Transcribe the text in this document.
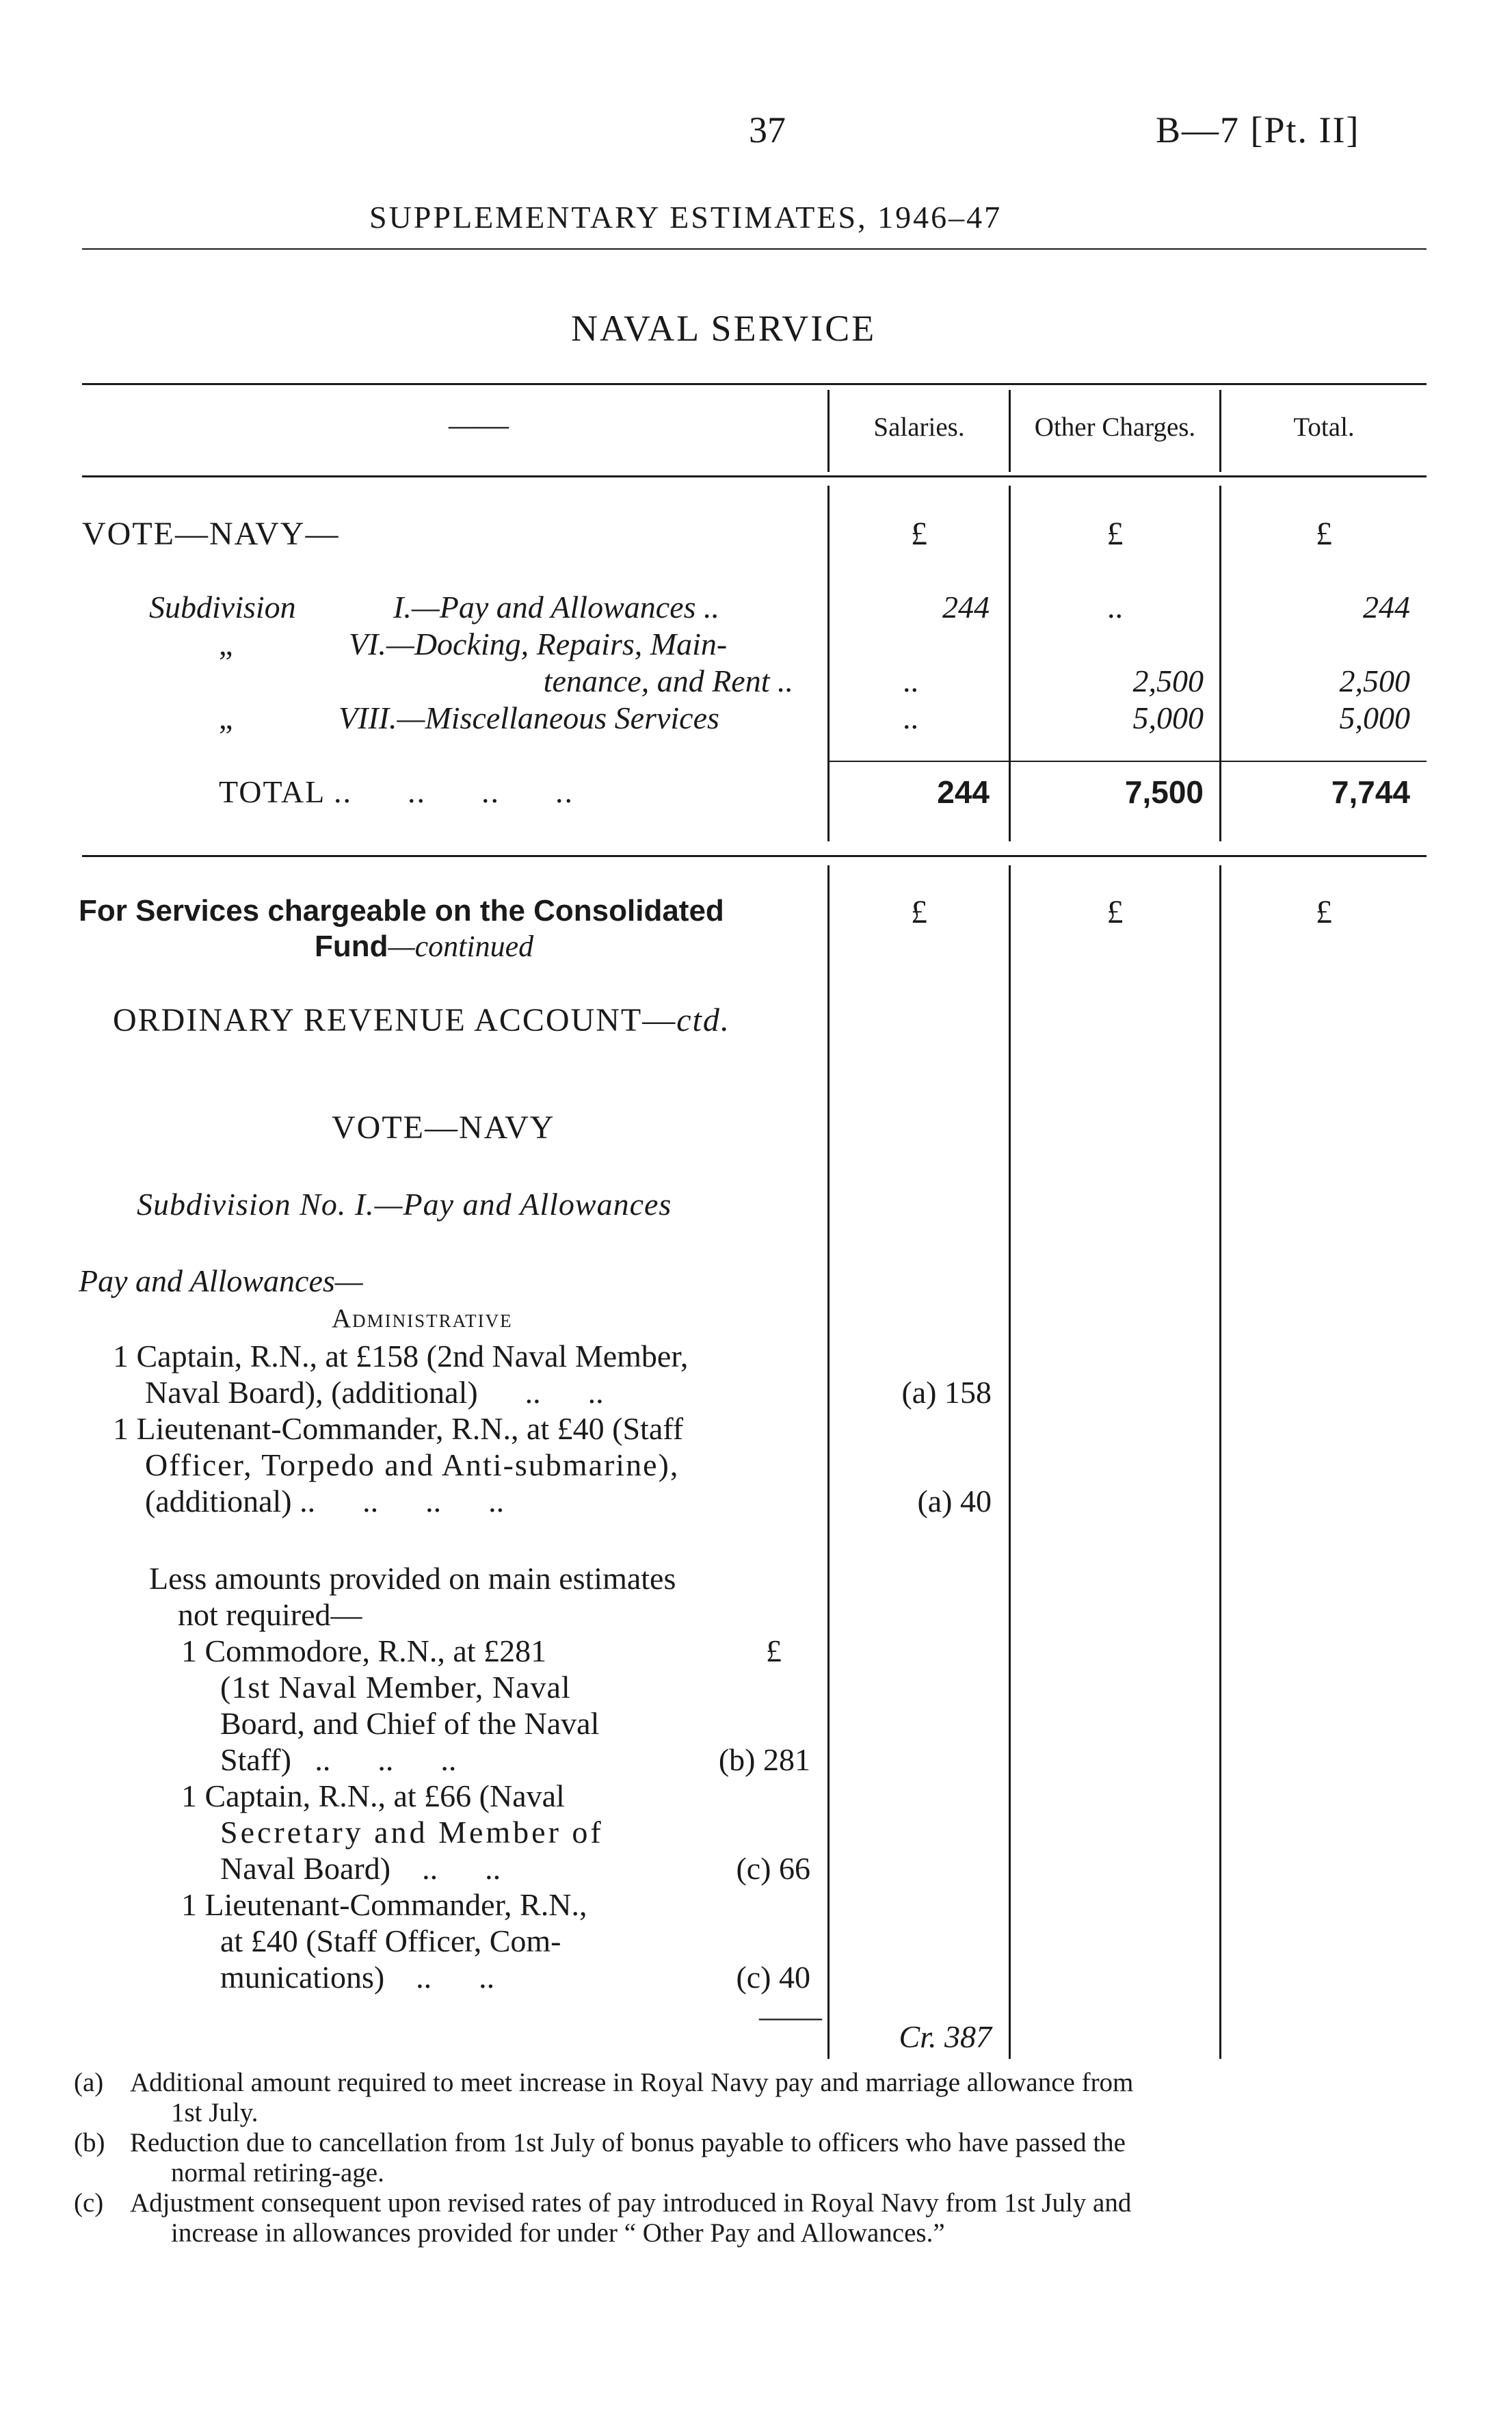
37	B—7 [Pt. II]
SUPPLEMENTARY ESTIMATES, 1946–47
NAVAL SERVICE
——	Salaries.	Other Charges.	Total.
VOTE—NAVY—	£	£	£
Subdivision	I.—Pay and Allowances ..	244	..	244
„	VI.—Docking, Repairs, Main-
tenance, and Rent ..	..	2,500	2,500
„	VIII.—Miscellaneous Services	..	5,000	5,000
TOTAL ..      ..      ..      ..	244	7,500	7,744
For Services chargeable on the Consolidated
Fund—continued
£	£	£
ORDINARY REVENUE ACCOUNT—ctd.
VOTE—NAVY
Subdivision No. I.—Pay and Allowances
Pay and Allowances—
Administrative
1 Captain, R.N., at £158 (2nd Naval Member,
Naval Board), (additional)      ..      ..	(a) 158
1 Lieutenant-Commander, R.N., at £40 (Staff
Officer, Torpedo and Anti-submarine),
(additional) ..      ..      ..      ..	(a) 40
Less amounts provided on main estimates
not required—
1 Commodore, R.N., at £281	£
(1st Naval Member, Naval
Board, and Chief of the Naval
Staff)   ..      ..      ..	(b) 281
1 Captain, R.N., at £66 (Naval
Secretary and Member of
Naval Board)    ..      ..	(c) 66
1 Lieutenant-Commander, R.N.,
at £40 (Staff Officer, Com-
munications)    ..      ..	(c) 40
——
Cr. 387
(a) Additional amount required to meet increase in Royal Navy pay and marriage allowance from
1st July.
(b) Reduction due to cancellation from 1st July of bonus payable to officers who have passed the
normal retiring-age.
(c) Adjustment consequent upon revised rates of pay introduced in Royal Navy from 1st July and
increase in allowances provided for under “ Other Pay and Allowances.”
